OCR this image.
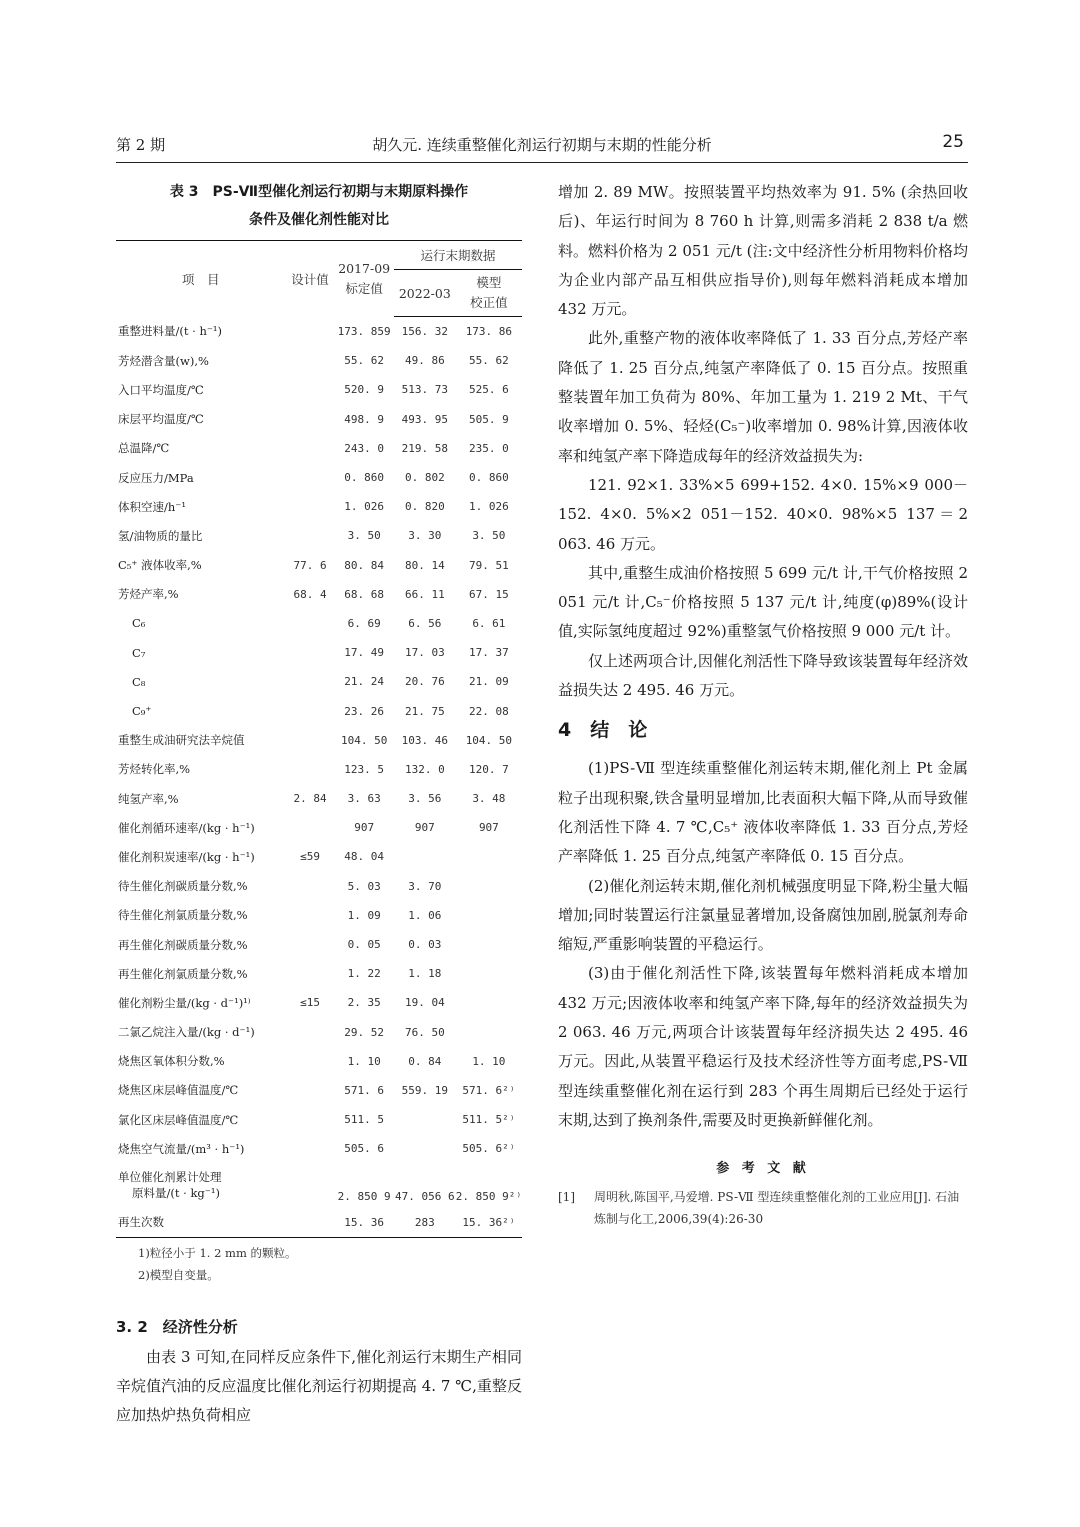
第 2 期	胡久元. 连续重整催化剂运行初期与末期的性能分析	25
表 3　PS-Ⅶ型催化剂运行初期与末期原料操作
条件及催化剂性能对比
项　目	设计值	2017-09
标定值	运行末期数据	
			2022-03	模型
校正值

重整进料量/(t · h⁻¹)		173. 859	156. 32	173. 86
芳烃潜含量(w),%		55. 62	49. 86	55. 62
入口平均温度/℃		520. 9	513. 73	525. 6
床层平均温度/℃		498. 9	493. 95	505. 9
总温降/℃		243. 0	219. 58	235. 0
反应压力/MPa		0. 860	0. 802	0. 860
体积空速/h⁻¹		1. 026	0. 820	1. 026
氢/油物质的量比		3. 50	3. 30	3. 50
C₅⁺ 液体收率,%	77. 6	80. 84	80. 14	79. 51
芳烃产率,%	68. 4	68. 68	66. 11	67. 15
C₆		6. 69	6. 56	6. 61
C₇		17. 49	17. 03	17. 37
C₈		21. 24	20. 76	21. 09
C₉⁺		23. 26	21. 75	22. 08
重整生成油研究法辛烷值		104. 50	103. 46	104. 50
芳烃转化率,%		123. 5	132. 0	120. 7
纯氢产率,%	2. 84	3. 63	3. 56	3. 48
催化剂循环速率/(kg · h⁻¹)		907	907	907
催化剂积炭速率/(kg · h⁻¹)	≤59	48. 04		
待生催化剂碳质量分数,%		5. 03	3. 70	
待生催化剂氯质量分数,%		1. 09	1. 06	
再生催化剂碳质量分数,%		0. 05	0. 03	
再生催化剂氯质量分数,%		1. 22	1. 18	
催化剂粉尘量/(kg · d⁻¹)¹⁾	≤15	2. 35	19. 04	
二氯乙烷注入量/(kg · d⁻¹)		29. 52	76. 50	
烧焦区氧体积分数,%		1. 10	0. 84	1. 10
烧焦区床层峰值温度/℃		571. 6	559. 19	571. 6²⁾
氯化区床层峰值温度/℃		511. 5		511. 5²⁾
烧焦空气流量/(m³ · h⁻¹)		505. 6		505. 6²⁾

单位催化剂累计处理
原料量/(t · kg⁻¹)		2. 850 9	47. 056 6	2. 850 9²⁾
再生次数		15. 36	283	15. 36²⁾
1)粒径小于 1. 2 mm 的颗粒。
2)模型自变量。
3. 2　经济性分析

由表 3 可知,在同样反应条件下,催化剂运行末期生产相同辛烷值汽油的反应温度比催化剂运行初期提高 4. 7 ℃,重整反应加热炉热负荷相应

增加 2. 89 MW。按照装置平均热效率为 91. 5% (余热回收后)、年运行时间为 8 760 h 计算,则需多消耗 2 838 t/a 燃料。燃料价格为 2 051 元/t (注:文中经济性分析用物料价格均为企业内部产品互相供应指导价),则每年燃料消耗成本增加 432 万元。

此外,重整产物的液体收率降低了 1. 33 百分点,芳烃产率降低了 1. 25 百分点,纯氢产率降低了 0. 15 百分点。按照重整装置年加工负荷为 80%、年加工量为 1. 219 2 Mt、干气收率增加 0. 5%、轻烃(C₅⁻)收率增加 0. 98%计算,因液体收率和纯氢产率下降造成每年的经济效益损失为:

121. 92×1. 33%×5 699+152. 4×0. 15%×9 000－152. 4×0. 5%×2 051－152. 40×0. 98%×5 137＝2 063. 46 万元。

其中,重整生成油价格按照 5 699 元/t 计,干气价格按照 2 051 元/t 计,C₅⁻价格按照 5 137 元/t 计,纯度(φ)89%(设计值,实际氢纯度超过 92%)重整氢气价格按照 9 000 元/t 计。

仅上述两项合计,因催化剂活性下降导致该装置每年经济效益损失达 2 495. 46 万元。

4　结　论

(1)PS-Ⅶ 型连续重整催化剂运转末期,催化剂上 Pt 金属粒子出现积聚,铁含量明显增加,比表面积大幅下降,从而导致催化剂活性下降 4. 7 ℃,C₅⁺ 液体收率降低 1. 33 百分点,芳烃产率降低 1. 25 百分点,纯氢产率降低 0. 15 百分点。

(2)催化剂运转末期,催化剂机械强度明显下降,粉尘量大幅增加;同时装置运行注氯量显著增加,设备腐蚀加剧,脱氯剂寿命缩短,严重影响装置的平稳运行。

(3)由于催化剂活性下降,该装置每年燃料消耗成本增加 432 万元;因液体收率和纯氢产率下降,每年的经济效益损失为 2 063. 46 万元,两项合计该装置每年经济损失达 2 495. 46 万元。因此,从装置平稳运行及技术经济性等方面考虑,PS-Ⅶ 型连续重整催化剂在运行到 283 个再生周期后已经处于运行末期,达到了换剂条件,需要及时更换新鲜催化剂。

参 考 文 献
[1] 周明秋,陈国平,马爱增. PS-Ⅶ 型连续重整催化剂的工业应用[J]. 石油炼制与化工,2006,39(4):26-30
